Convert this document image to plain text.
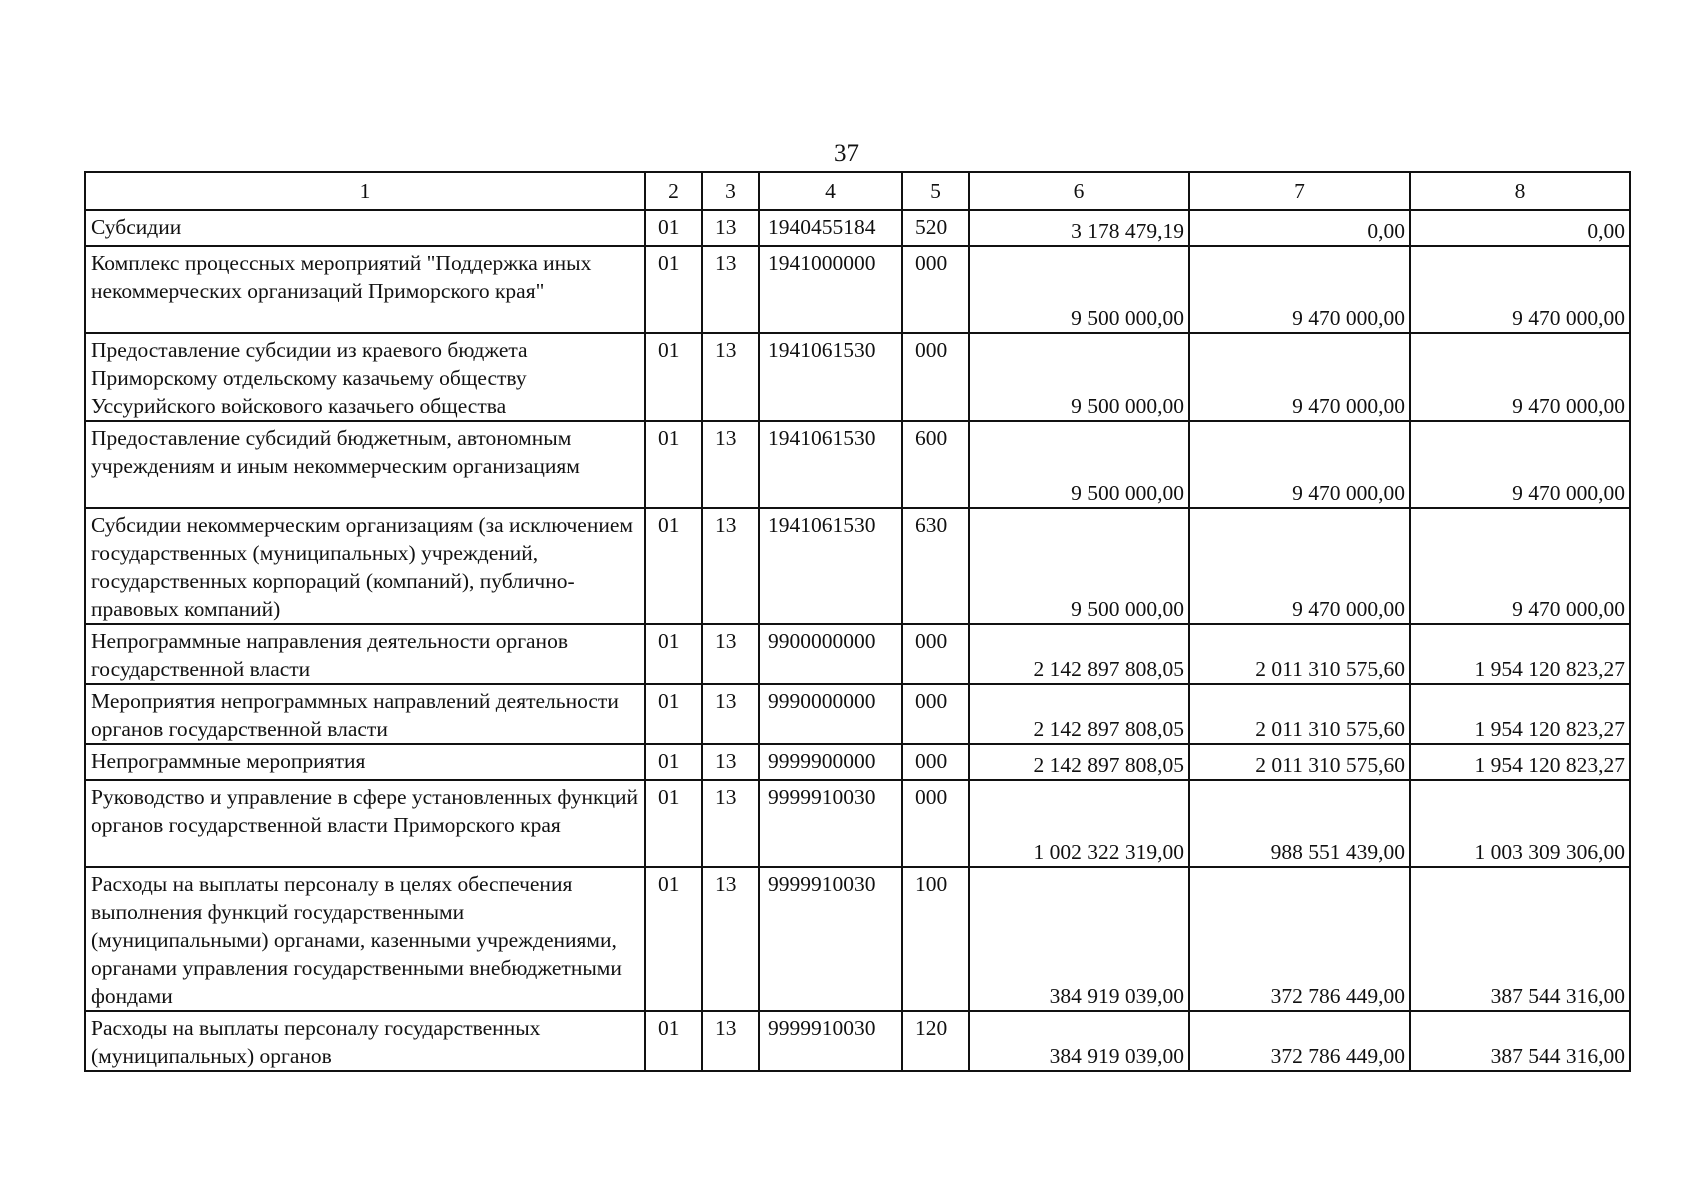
37
1	2	3	4	5	6	7	8
Субсидии	01	13	1940455184	520	3 178 479,19	0,00	0,00
Комплекс процессных мероприятий "Поддержка иных некоммерческих организаций Приморского края"	01	13	1941000000	000	9 500 000,00	9 470 000,00	9 470 000,00
Предоставление субсидии из краевого бюджета Приморскому отдельскому казачьему обществу Уссурийского войскового казачьего общества	01	13	1941061530	000	9 500 000,00	9 470 000,00	9 470 000,00
Предоставление субсидий бюджетным, автономным учреждениям и иным некоммерческим организациям	01	13	1941061530	600	9 500 000,00	9 470 000,00	9 470 000,00
Субсидии некоммерческим организациям (за исключением государственных (муниципальных) учреждений, государственных корпораций (компаний), публично-правовых компаний)	01	13	1941061530	630	9 500 000,00	9 470 000,00	9 470 000,00
Непрограммные направления деятельности органов государственной власти	01	13	9900000000	000	2 142 897 808,05	2 011 310 575,60	1 954 120 823,27
Мероприятия непрограммных направлений деятельности органов государственной власти	01	13	9990000000	000	2 142 897 808,05	2 011 310 575,60	1 954 120 823,27
Непрограммные мероприятия	01	13	9999900000	000	2 142 897 808,05	2 011 310 575,60	1 954 120 823,27
Руководство и управление в сфере установленных функций органов государственной власти Приморского края	01	13	9999910030	000	1 002 322 319,00	988 551 439,00	1 003 309 306,00
Расходы на выплаты персоналу в целях обеспечения выполнения функций государственными (муниципальными) органами, казенными учреждениями, органами управления государственными внебюджетными фондами	01	13	9999910030	100	384 919 039,00	372 786 449,00	387 544 316,00
Расходы на выплаты персоналу государственных (муниципальных) органов	01	13	9999910030	120	384 919 039,00	372 786 449,00	387 544 316,00
